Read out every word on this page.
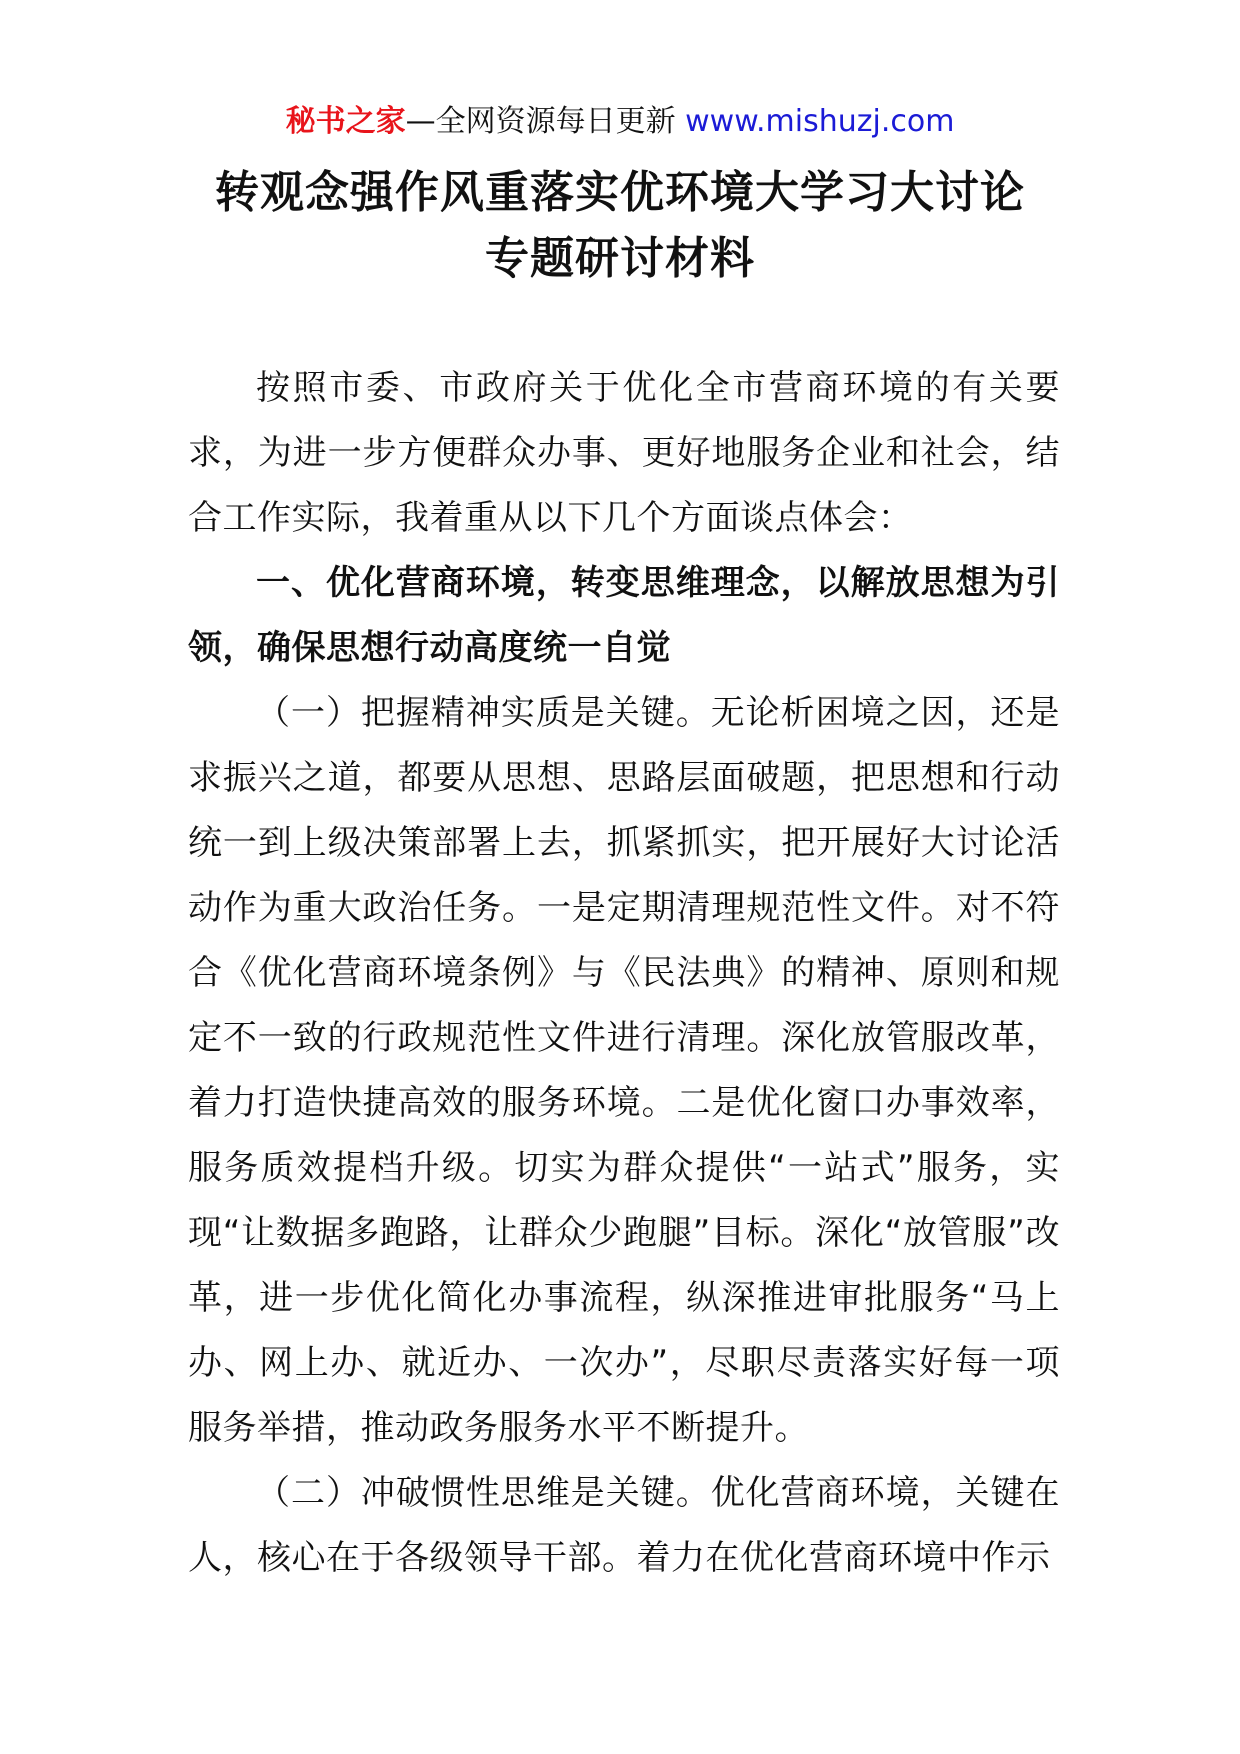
秘书之家—全网资源每日更新 www.mishuzj.com
转观念强作风重落实优环境大学习大讨论
专题研讨材料

按照市委、市政府关于优化全市营商环境的有关要求，为进一步方便群众办事、更好地服务企业和社会，结合工作实际，我着重从以下几个方面谈点体会：

一、优化营商环境，转变思维理念，以解放思想为引领，确保思想行动高度统一自觉

（一）把握精神实质是关键。无论析困境之因，还是求振兴之道，都要从思想、思路层面破题，把思想和行动统一到上级决策部署上去，抓紧抓实，把开展好大讨论活动作为重大政治任务。一是定期清理规范性文件。对不符合《优化营商环境条例》与《民法典》的精神、原则和规定不一致的行政规范性文件进行清理。深化放管服改革，着力打造快捷高效的服务环境。二是优化窗口办事效率，服务质效提档升级。切实为群众提供“一站式”服务，实现“让数据多跑路，让群众少跑腿”目标。深化“放管服”改革，进一步优化简化办事流程，纵深推进审批服务“马上办、网上办、就近办、一次办”，尽职尽责落实好每一项服务举措，推动政务服务水平不断提升。

（二）冲破惯性思维是关键。优化营商环境，关键在人，核心在于各级领导干部。着力在优化营商环境中作示
